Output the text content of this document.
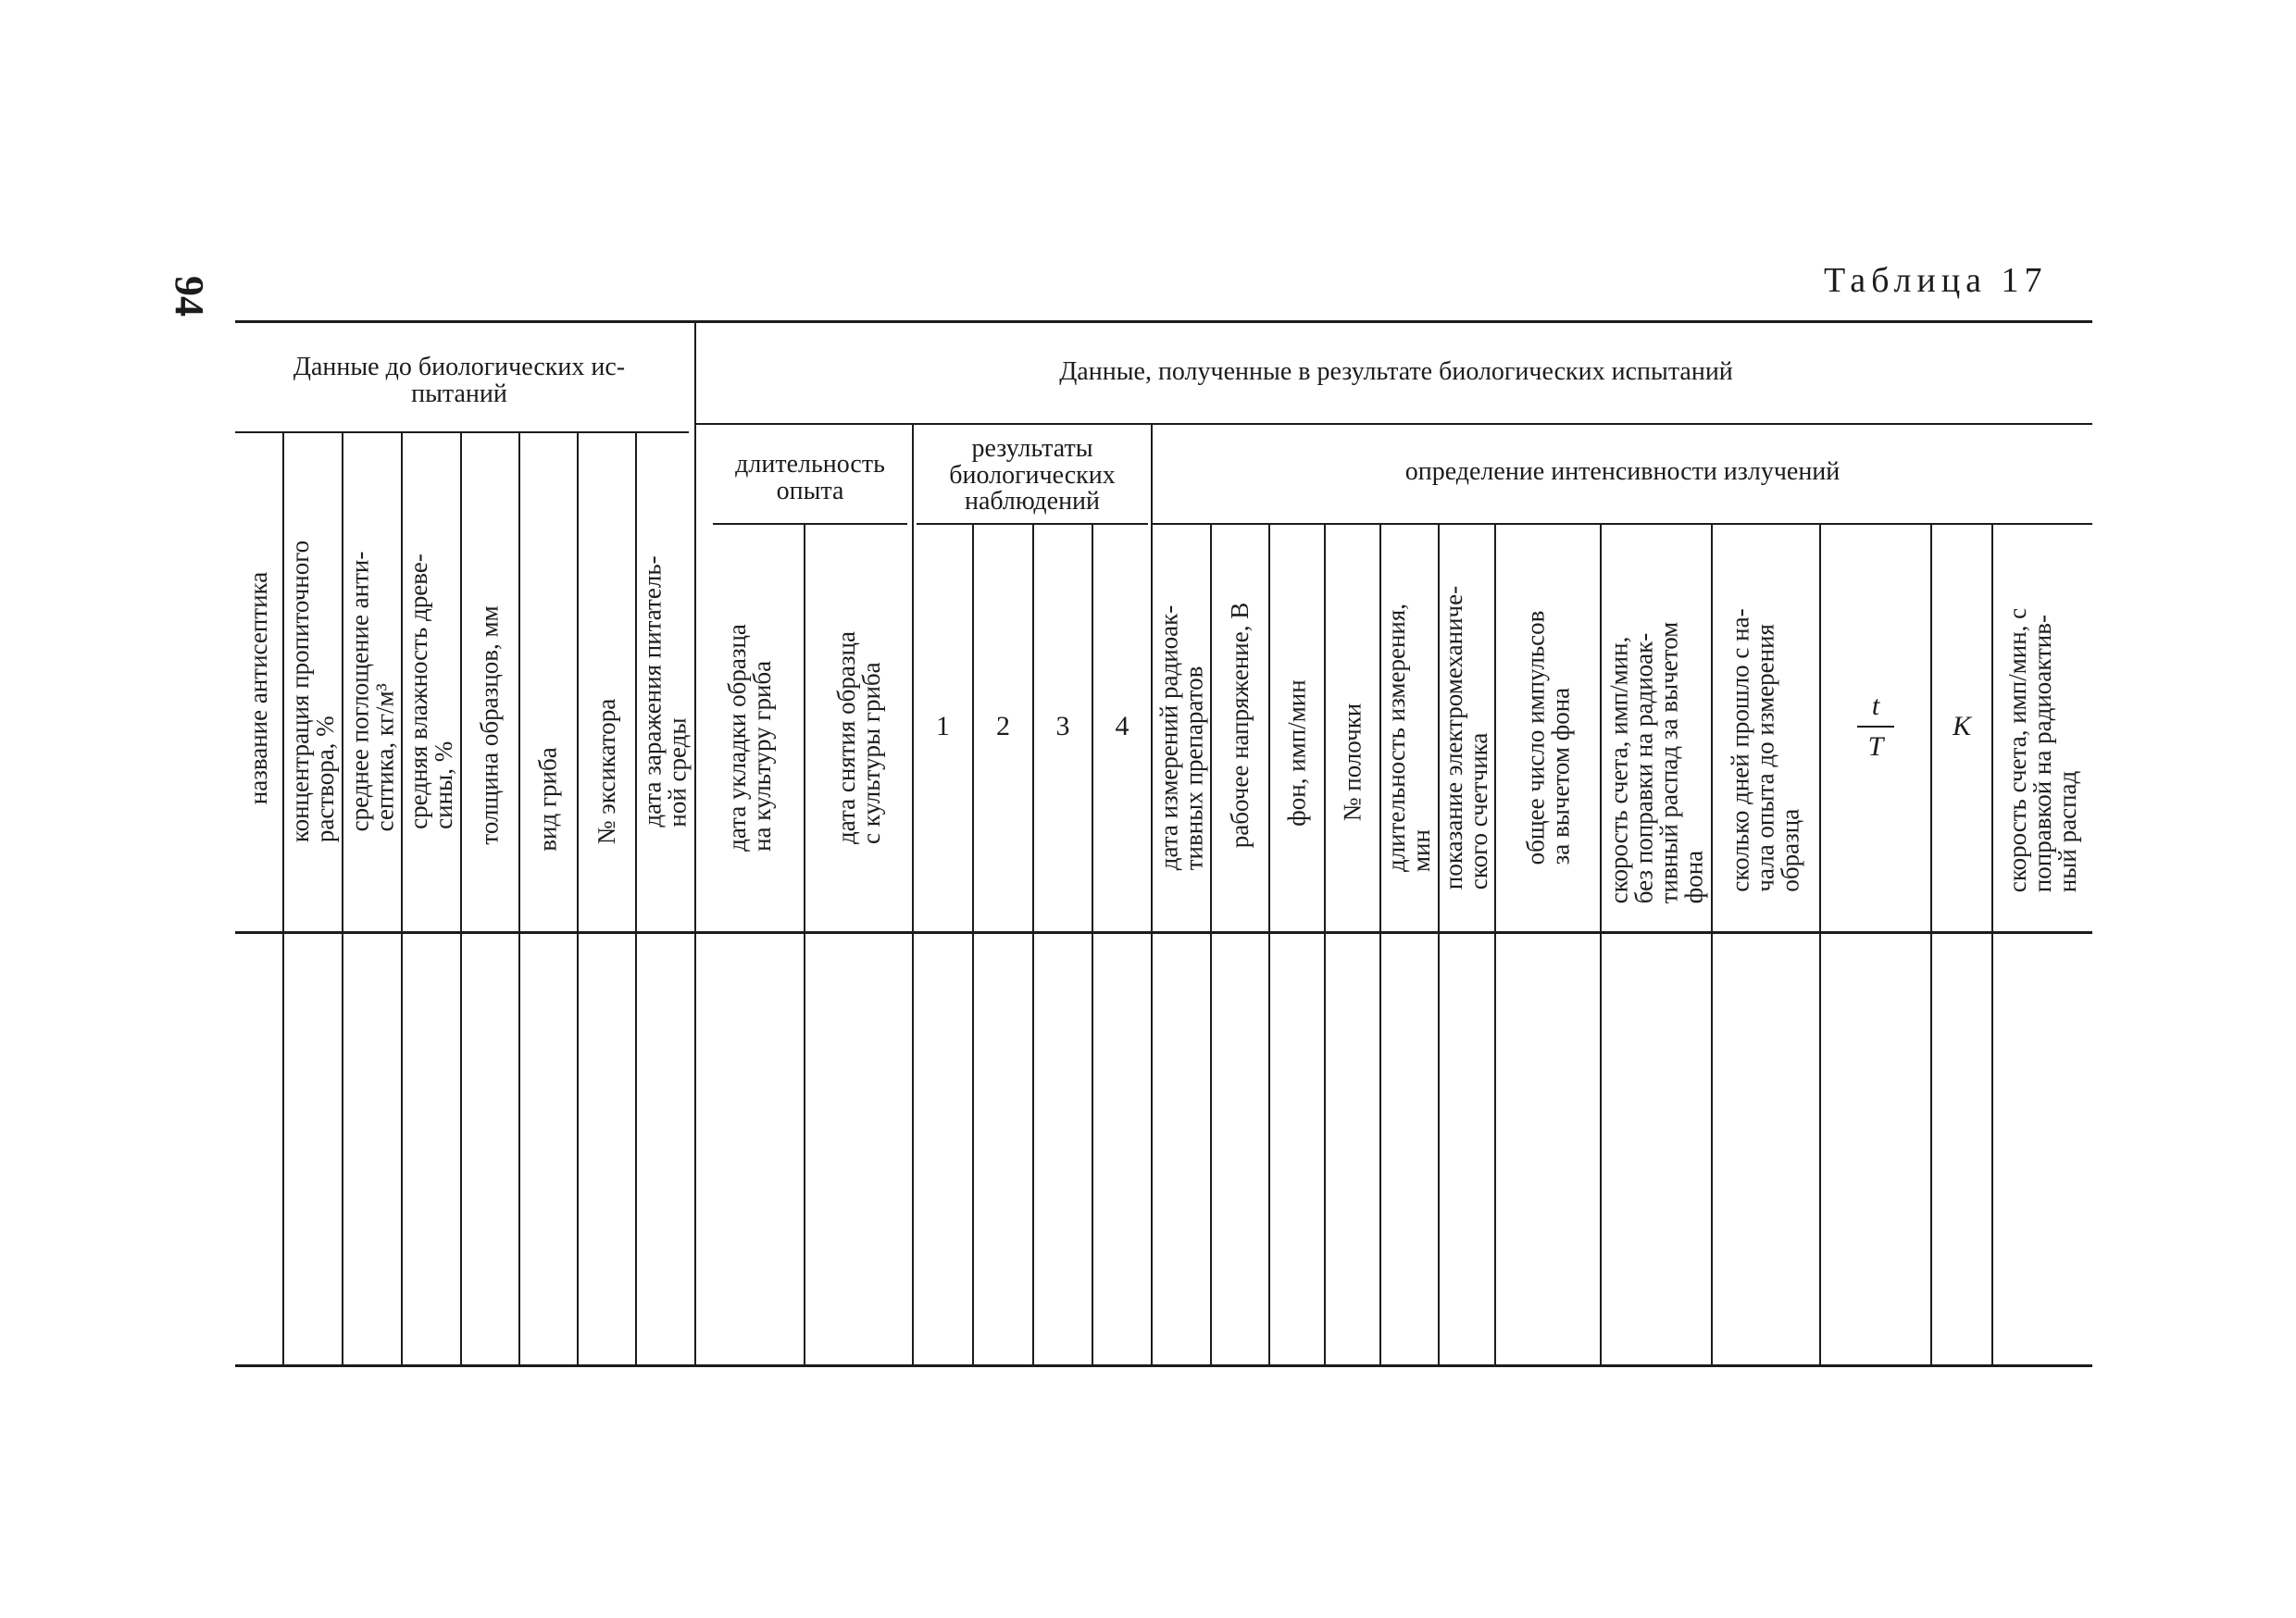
94	Таблица 17
Данные до биологических ис-
пытаний
Данные, полученные в результате биологических испытаний
длительность
опыта
результаты
биологических
наблюдений
определение интенсивности излучений
название антисептика концентрация пропиточного
раствора, %
среднее поглощение анти-
септика, кг/м³
средняя влажность древе-
сины, % толщина образцов, мм вид гриба № эксикатора дата заражения питатель-
ной среды
дата укладки образца
на культуру гриба
дата снятия образца
с культуры гриба
1 2 3 4
дата измерений радиоак-
тивных препаратов рабочее напряжение, В фон, имп/мин № полочки длительность измерения,
мин показание электромеханиче-
ского счетчика
общее число импульсов
за вычетом фона
скорость счета, имп/мин,
без поправки на радиоак-
тивный распад за вычетом
фона сколько дней прошло с на-
чала опыта до измерения
образца
t
T
K
скорость счета, имп/мин, с
поправкой на радиоактив-
ный распад
